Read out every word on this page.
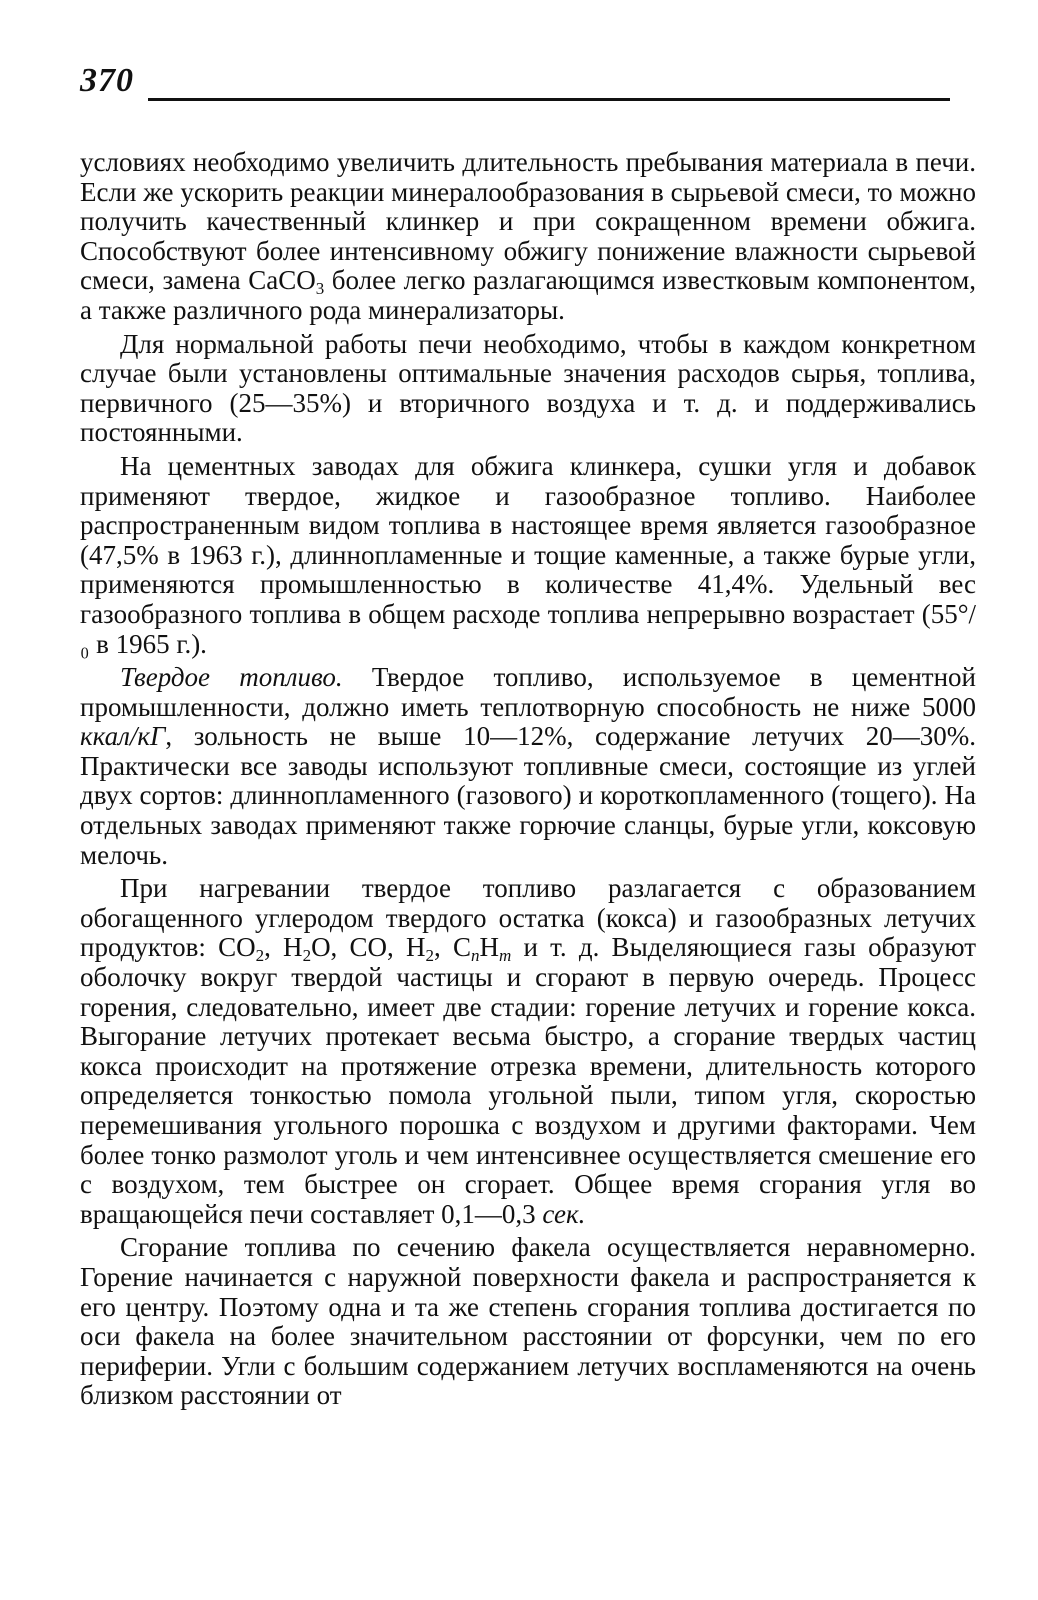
370

условиях необходимо увеличить длительность пребывания материала в печи. Если же ускорить реакции минералообразования в сырьевой смеси, то можно получить качественный клинкер и при сокращенном времени обжига. Способствуют более интенсивному обжигу понижение влажности сырьевой смеси, замена CaCO$_3$ более легко разлагающимся известковым компонентом, а также различного рода минерализаторы.

Для нормальной работы печи необходимо, чтобы в каждом конкретном случае были установлены оптимальные значения расходов сырья, топлива, первичного (25—35%) и вторичного воздуха и т. д. и поддерживались постоянными.

На цементных заводах для обжига клинкера, сушки угля и добавок применяют твердое, жидкое и газообразное топливо. Наиболее распространенным видом топлива в настоящее время является газообразное (47,5% в 1963 г.), длиннопламенные и тощие каменные, а также бурые угли, применяются промышленностью в количестве 41,4%. Удельный вес газообразного топлива в общем расходе топлива непрерывно возрастает (55°/₀ в 1965 г.).

Твердое топливо. Твердое топливо, используемое в цементной промышленности, должно иметь теплотворную способность не ниже 5000 ккал/кГ, зольность не выше 10—12%, содержание летучих 20—30%. Практически все заводы используют топливные смеси, состоящие из углей двух сортов: длиннопламенного (газового) и короткопламенного (тощего). На отдельных заводах применяют также горючие сланцы, бурые угли, коксовую мелочь.

При нагревании твердое топливо разлагается с образованием обогащенного углеродом твердого остатка (кокса) и газообразных летучих продуктов: $CO_2$, $H_2O$, CO, $H_2$, $C_nH_m$ и т. д. Выделяющиеся газы образуют оболочку вокруг твердой частицы и сгорают в первую очередь. Процесс горения, следовательно, имеет две стадии: горение летучих и горение кокса. Выгорание летучих протекает весьма быстро, а сгорание твердых частиц кокса происходит на протяжение отрезка времени, длительность которого определяется тонкостью помола угольной пыли, типом угля, скоростью перемешивания угольного порошка с воздухом и другими факторами. Чем более тонко размолот уголь и чем интенсивнее осуществляется смешение его с воздухом, тем быстрее он сгорает. Общее время сгорания угля во вращающейся печи составляет 0,1—0,3 сек.

Сгорание топлива по сечению факела осуществляется неравномерно. Горение начинается с наружной поверхности факела и распространяется к его центру. Поэтому одна и та же степень сгорания топлива достигается по оси факела на более значительном расстоянии от форсунки, чем по его периферии. Угли с большим содержанием летучих воспламеняются на очень близком расстоянии от
